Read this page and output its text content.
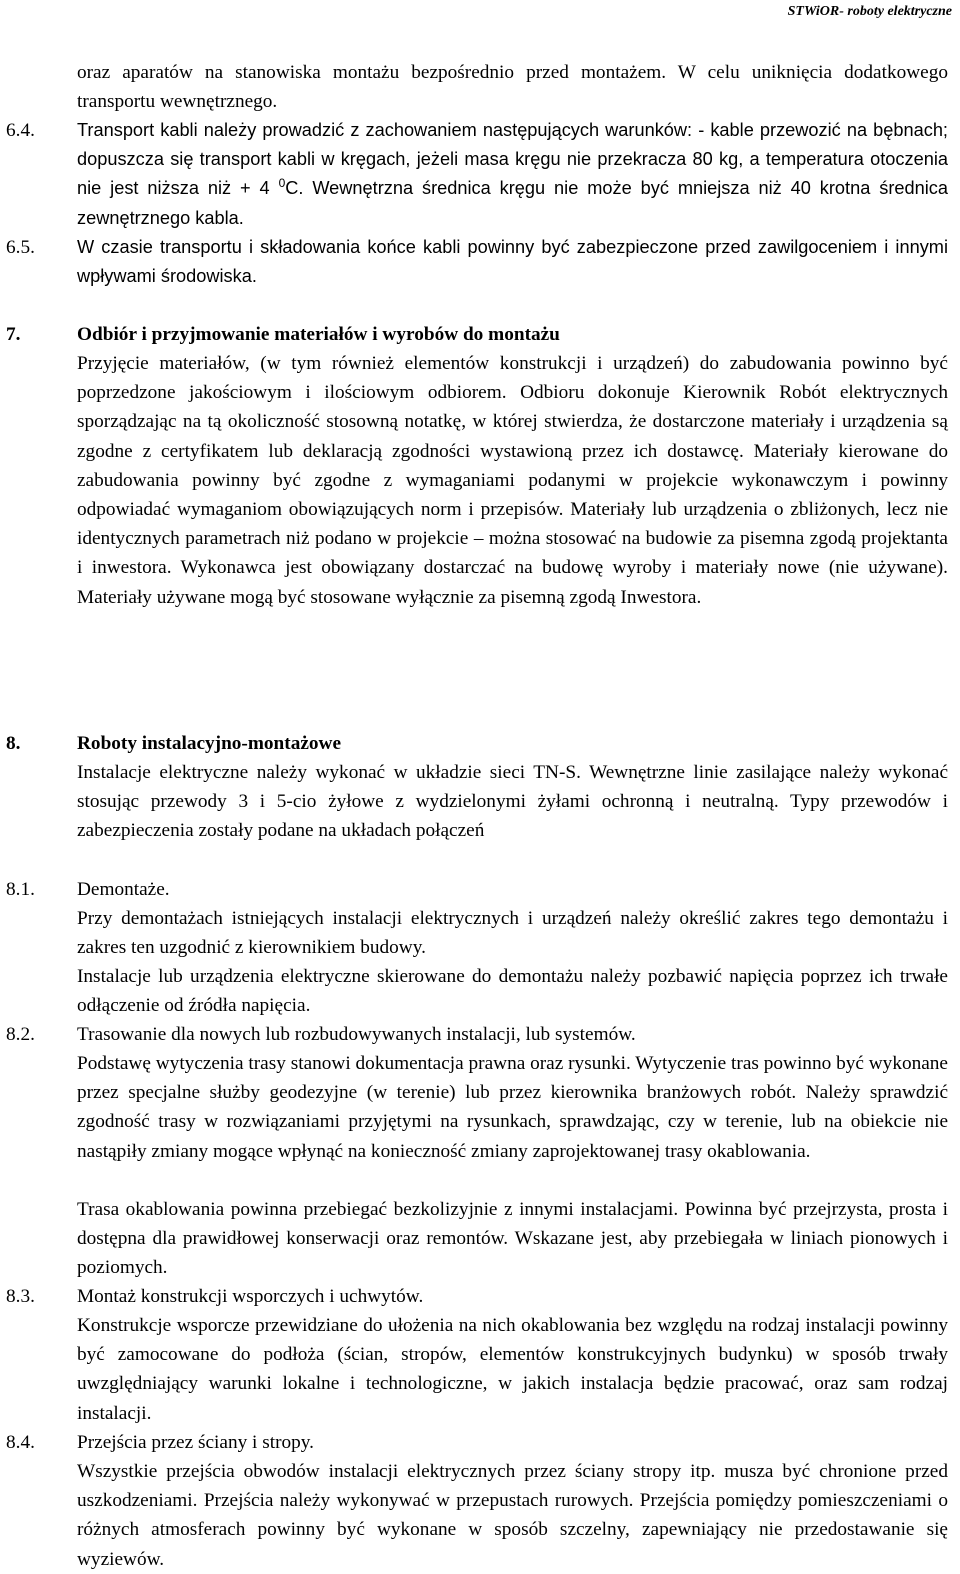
STWiOR- roboty elektryczne

oraz aparatów na stanowiska montażu bezpośrednio przed montażem. W celu uniknięcia dodatkowego transportu wewnętrznego.

6.4. Transport kabli należy prowadzić z zachowaniem następujących warunków: - kable przewozić na bębnach; dopuszcza się transport kabli w kręgach, jeżeli masa kręgu nie przekracza 80 kg, a temperatura otoczenia nie jest niższa niż + 4 $^0$C. Wewnętrzna średnica kręgu nie może być mniejsza niż 40 krotna średnica zewnętrznego kabla.

6.5. W czasie transportu i składowania końce kabli powinny być zabezpieczone przed zawilgoceniem i innymi wpływami środowiska.

7.	Odbiór i przyjmowanie materiałów i wyrobów do montażu

Przyjęcie materiałów, (w tym również elementów konstrukcji i urządzeń) do zabudowania powinno być poprzedzone jakościowym i ilościowym odbiorem. Odbioru dokonuje Kierownik Robót elektrycznych sporządzając na tą okoliczność stosowną notatkę, w której stwierdza, że dostarczone materiały i urządzenia są zgodne z certyfikatem lub deklaracją zgodności wystawioną przez ich dostawcę. Materiały kierowane do zabudowania powinny być zgodne z wymaganiami podanymi w projekcie wykonawczym i powinny odpowiadać wymaganiom obowiązujących norm i przepisów. Materiały lub urządzenia o zbliżonych, lecz nie identycznych parametrach niż podano w projekcie – można stosować na budowie za pisemna zgodą projektanta i inwestora. Wykonawca jest obowiązany dostarczać na budowę wyroby i materiały nowe (nie używane). Materiały używane mogą być stosowane wyłącznie za pisemną zgodą Inwestora.

8.	Roboty instalacyjno-montażowe

Instalacje elektryczne należy wykonać w układzie sieci TN-S. Wewnętrzne linie zasilające należy wykonać stosując przewody 3 i 5-cio żyłowe z wydzielonymi żyłami ochronną i neutralną. Typy przewodów i zabezpieczenia zostały podane na układach połączeń

8.1. Demontaże.

Przy demontażach istniejących instalacji elektrycznych i urządzeń należy określić zakres tego demontażu i zakres ten uzgodnić z kierownikiem budowy.

Instalacje lub urządzenia elektryczne skierowane do demontażu należy pozbawić napięcia poprzez ich trwałe odłączenie od źródła napięcia.

8.2. Trasowanie dla nowych lub rozbudowywanych instalacji, lub systemów.

Podstawę wytyczenia trasy stanowi dokumentacja prawna oraz rysunki. Wytyczenie tras powinno być wykonane przez specjalne służby geodezyjne (w terenie) lub przez kierownika branżowych robót. Należy sprawdzić zgodność trasy w rozwiązaniami przyjętymi na rysunkach, sprawdzając, czy w terenie, lub na obiekcie nie nastąpiły zmiany mogące wpłynąć na konieczność zmiany zaprojektowanej trasy okablowania.

Trasa okablowania powinna przebiegać bezkolizyjnie z innymi instalacjami. Powinna być przejrzysta, prosta i dostępna dla prawidłowej konserwacji oraz remontów. Wskazane jest, aby przebiegała w liniach pionowych i poziomych.

8.3. Montaż konstrukcji wsporczych i uchwytów.

Konstrukcje wsporcze przewidziane do ułożenia na nich okablowania bez względu na rodzaj instalacji powinny być zamocowane do podłoża (ścian, stropów, elementów konstrukcyjnych budynku) w sposób trwały uwzględniający warunki lokalne i technologiczne, w jakich instalacja będzie pracować, oraz sam rodzaj instalacji.

8.4. Przejścia przez ściany i stropy.

Wszystkie przejścia obwodów instalacji elektrycznych przez ściany stropy itp. musza być chronione przed uszkodzeniami. Przejścia należy wykonywać w przepustach rurowych. Przejścia pomiędzy pomieszczeniami o różnych atmosferach powinny być wykonane w sposób szczelny, zapewniający nie przedostawanie się wyziewów.
